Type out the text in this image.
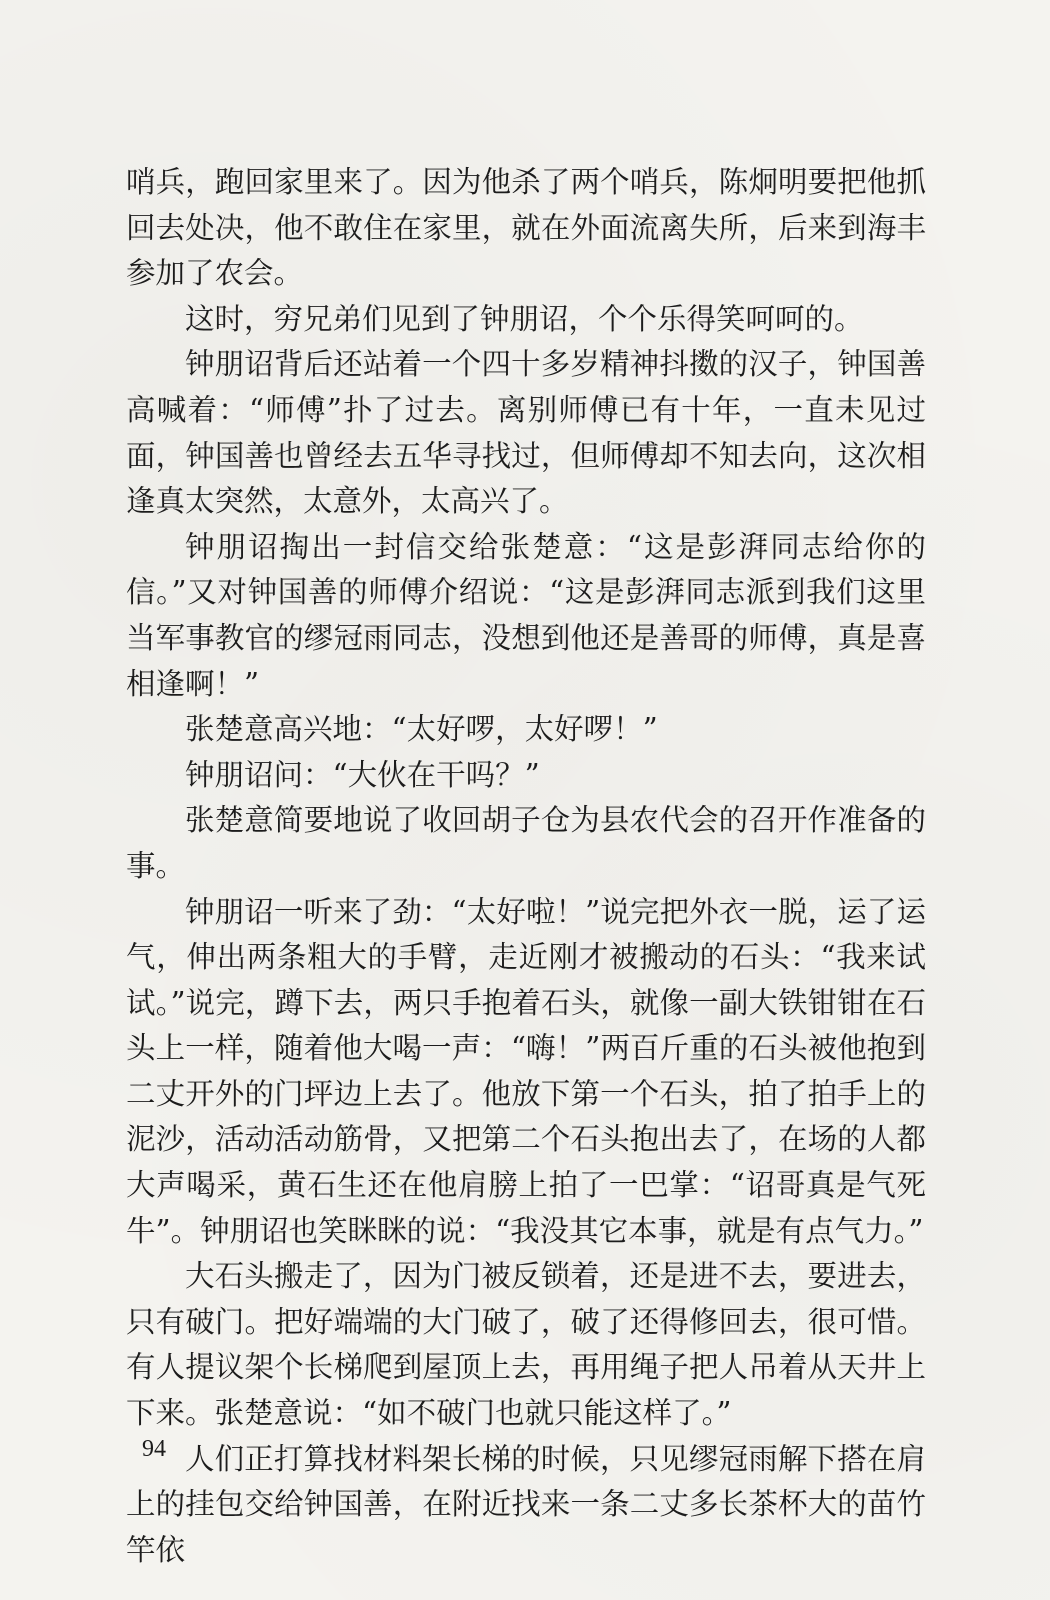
哨兵，跑回家里来了。因为他杀了两个哨兵，陈炯明要把他抓回去处决，他不敢住在家里，就在外面流离失所，后来到海丰参加了农会。

这时，穷兄弟们见到了钟朋诏，个个乐得笑呵呵的。

钟朋诏背后还站着一个四十多岁精神抖擞的汉子，钟国善高喊着：“师傅”扑了过去。离别师傅已有十年，一直未见过面，钟国善也曾经去五华寻找过，但师傅却不知去向，这次相逢真太突然，太意外，太高兴了。

钟朋诏掏出一封信交给张楚意：“这是彭湃同志给你的信。”又对钟国善的师傅介绍说：“这是彭湃同志派到我们这里当军事教官的缪冠雨同志，没想到他还是善哥的师傅，真是喜相逢啊！”

张楚意高兴地：“太好啰，太好啰！”

钟朋诏问：“大伙在干吗？”

张楚意简要地说了收回胡子仓为县农代会的召开作准备的事。

钟朋诏一听来了劲：“太好啦！”说完把外衣一脱，运了运气，伸出两条粗大的手臂，走近刚才被搬动的石头：“我来试试。”说完，蹲下去，两只手抱着石头，就像一副大铁钳钳在石头上一样，随着他大喝一声：“嗨！”两百斤重的石头被他抱到二丈开外的门坪边上去了。他放下第一个石头，拍了拍手上的泥沙，活动活动筋骨，又把第二个石头抱出去了，在场的人都大声喝采，黄石生还在他肩膀上拍了一巴掌：“诏哥真是气死牛”。钟朋诏也笑眯眯的说：“我没其它本事，就是有点气力。”

大石头搬走了，因为门被反锁着，还是进不去，要进去，只有破门。把好端端的大门破了，破了还得修回去，很可惜。有人提议架个长梯爬到屋顶上去，再用绳子把人吊着从天井上下来。张楚意说：“如不破门也就只能这样了。”

人们正打算找材料架长梯的时候，只见缪冠雨解下搭在肩上的挂包交给钟国善，在附近找来一条二丈多长茶杯大的苗竹竿依

94
